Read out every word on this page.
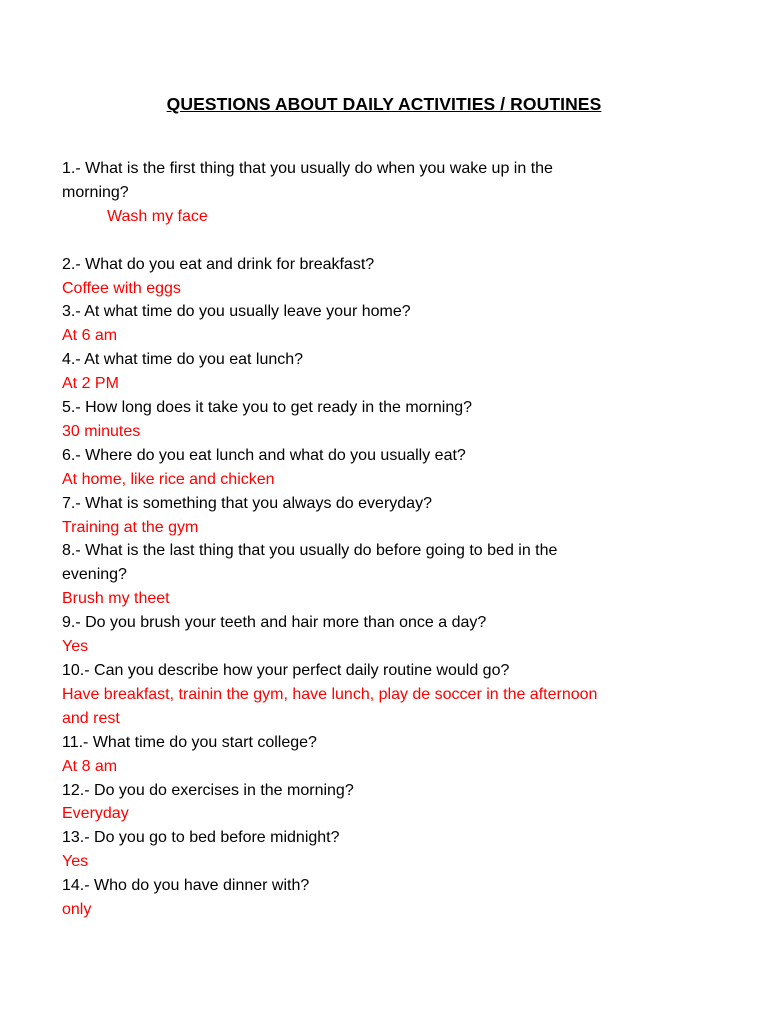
QUESTIONS ABOUT DAILY ACTIVITIES / ROUTINES
1.- What is the first thing that you usually do when you wake up in the
morning?
Wash my face
2.- What do you eat and drink for breakfast?
Coffee with eggs
3.- At what time do you usually leave your home?
At 6 am
4.- At what time do you eat lunch?
At 2 PM
5.- How long does it take you to get ready in the morning?
30 minutes
6.- Where do you eat lunch and what do you usually eat?
At home, like rice and chicken
7.- What is something that you always do everyday?
Training at the gym
8.- What is the last thing that you usually do before going to bed in the
evening?
Brush my theet
9.- Do you brush your teeth and hair more than once a day?
Yes
10.- Can you describe how your perfect daily routine would go?
Have breakfast, trainin the gym, have lunch, play de soccer in the afternoon
and rest
11.- What time do you start college?
At 8 am
12.- Do you do exercises in the morning?
Everyday
13.- Do you go to bed before midnight?
Yes
14.- Who do you have dinner with?
only
